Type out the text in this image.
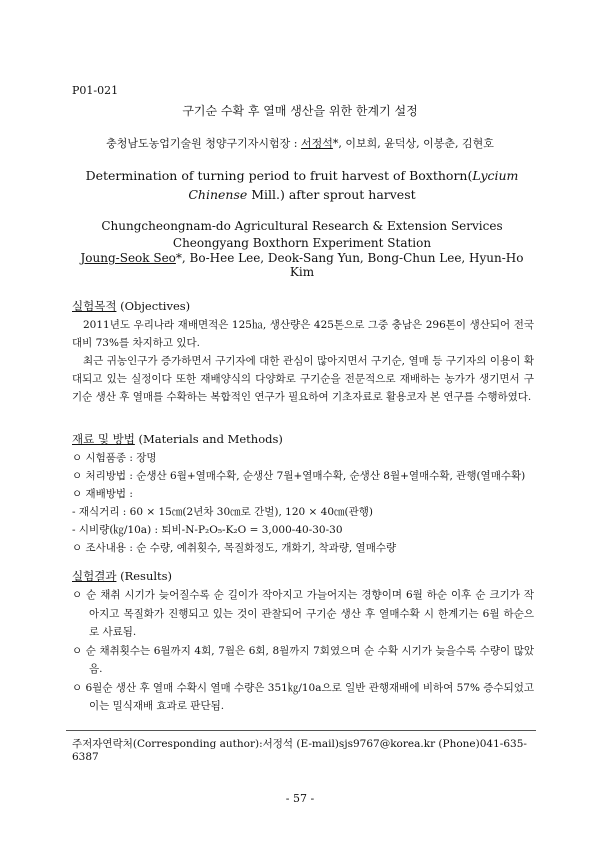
P01-021
구기순 수확 후 열매 생산을 위한 한계기 설정
충청남도농업기술원 청양구기자시험장 : 서정석*, 이보희, 윤덕상, 이봉춘, 김현호
Determination of turning period to fruit harvest of Boxthorn(Lycium Chinense Mill.) after sprout harvest
Chungcheongnam-do Agricultural Research & Extension Services Cheongyang Boxthorn Experiment Station
Joung-Seok Seo*, Bo-Hee Lee, Deok-Sang Yun, Bong-Chun Lee, Hyun-Ho Kim
실험목적 (Objectives)
2011년도 우리나라 재배면적은 125㏊, 생산량은 425톤으로 그중 충남은 296톤이 생산되어 전국대비 73%를 차지하고 있다.
최근 귀농인구가 증가하면서 구기자에 대한 관심이 많아지면서 구기순, 열매 등 구기자의 이용이 확대되고 있는 실정이다 또한 재배양식의 다양화로 구기순을 전문적으로 재배하는 농가가 생기면서 구기순 생산 후 열매를 수확하는 복합적인 연구가 필요하여 기초자료로 활용코자 본 연구를 수행하였다.
재료 및 방법 (Materials and Methods)
ㅇ 시험품종 : 장명
ㅇ 처리방법 : 순생산 6월+열매수확, 순생산 7월+열매수확, 순생산 8월+열매수확, 관행(열매수확)
ㅇ 재배방법 :
- 재식거리 : 60 × 15㎝(2년차 30㎝로 간벌), 120 × 40㎝(관행)
- 시비량(㎏/10a) : 퇴비-N-P₂O₅-K₂O = 3,000-40-30-30
ㅇ 조사내용 : 순 수량, 예취횟수, 목질화정도, 개화기, 착과량, 열매수량
실험결과 (Results)
ㅇ 순 채취 시기가 늦어질수록 순 길이가 작아지고 가늘어지는 경향이며 6월 하순 이후 순 크기가 작아지고 목질화가 진행되고 있는 것이 관찰되어 구기순 생산 후 열매수확 시 한계기는 6월 하순으로 사료됨.
ㅇ 순 채취횟수는 6월까지 4회, 7월은 6회, 8월까지 7회였으며 순 수확 시기가 늦을수록 수량이 많았음.
ㅇ 6월순 생산 후 열매 수확시 열매 수량은 351㎏/10a으로 일반 관행재배에 비하여 57% 증수되었고 이는 밀식재배 효과로 판단됨.
주저자연락처(Corresponding author):서정석 (E-mail)sjs9767@korea.kr (Phone)041-635-6387
- 57 -
